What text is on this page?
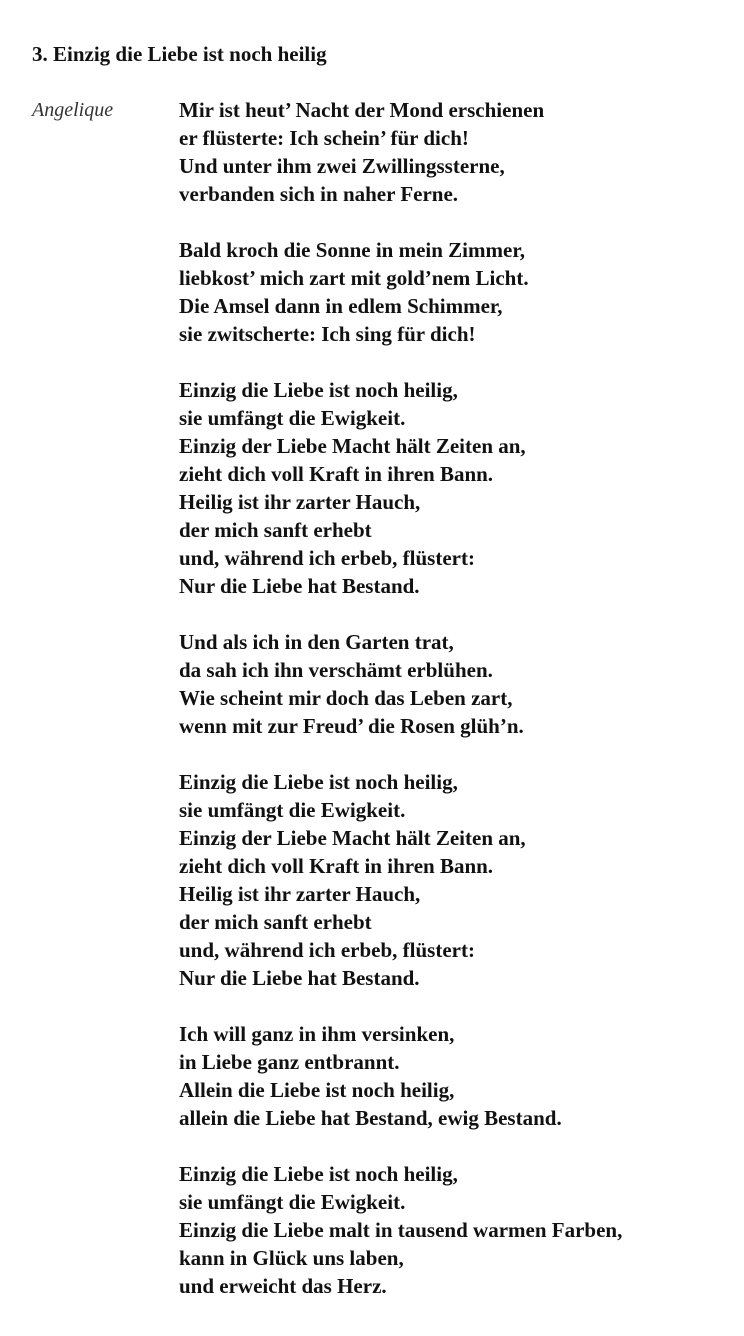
3. Einzig die Liebe ist noch heilig
Angelique	Mir ist heut’ Nacht der Mond erschienen
er flüsterte: Ich schein’ für dich!
Und unter ihm zwei Zwillingssterne,
verbanden sich in naher Ferne.
Bald kroch die Sonne in mein Zimmer,
liebkost’ mich zart mit gold’nem Licht.
Die Amsel dann in edlem Schimmer,
sie zwitscherte: Ich sing für dich!
Einzig die Liebe ist noch heilig,
sie umfängt die Ewigkeit.
Einzig der Liebe Macht hält Zeiten an,
zieht dich voll Kraft in ihren Bann.
Heilig ist ihr zarter Hauch,
der mich sanft erhebt
und, während ich erbeb, flüstert:
Nur die Liebe hat Bestand.
Und als ich in den Garten trat,
da sah ich ihn verschämt erblühen.
Wie scheint mir doch das Leben zart,
wenn mit zur Freud’ die Rosen glüh’n.
Einzig die Liebe ist noch heilig,
sie umfängt die Ewigkeit.
Einzig der Liebe Macht hält Zeiten an,
zieht dich voll Kraft in ihren Bann.
Heilig ist ihr zarter Hauch,
der mich sanft erhebt
und, während ich erbeb, flüstert:
Nur die Liebe hat Bestand.
Ich will ganz in ihm versinken,
in Liebe ganz entbrannt.
Allein die Liebe ist noch heilig,
allein die Liebe hat Bestand, ewig Bestand.
Einzig die Liebe ist noch heilig,
sie umfängt die Ewigkeit.
Einzig die Liebe malt in tausend warmen Farben,
kann in Glück uns laben,
und erweicht das Herz.
